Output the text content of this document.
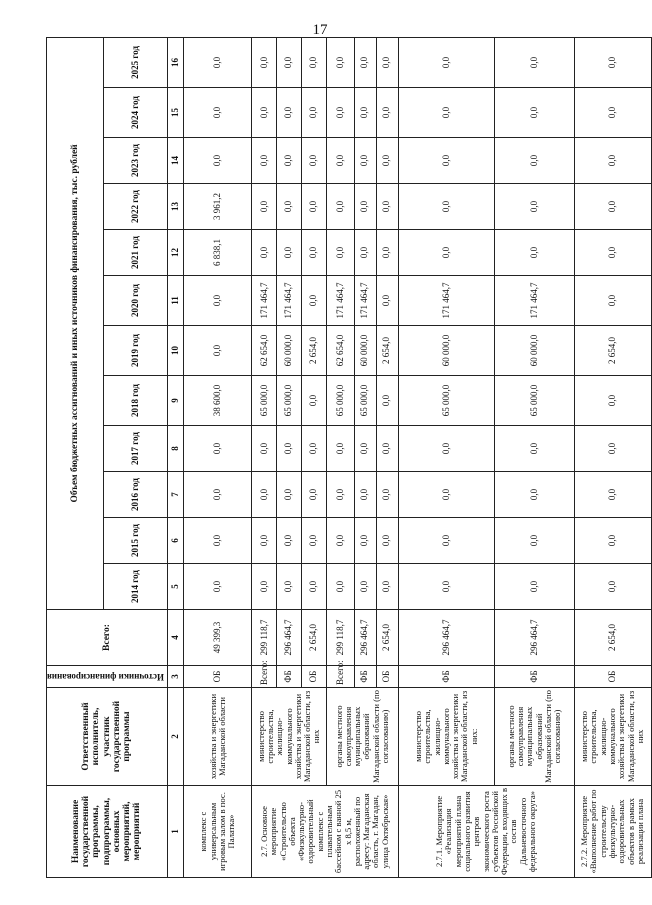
17
Наименование государственной программы, подпрограммы, основных мероприятий, мероприятий	Ответственный исполнитель, участник государственной программы	Источники финансирования	Всего:	Объем бюджетных ассигнований и иных источников финансирования, тыс. рублей											
				2014 год	2015 год	2016 год	2017 год	2018 год	2019 год	2020 год	2021 год	2022 год	2023 год	2024 год	2025 год
1	2	3	4	5	6	7	8	9	10	11	12	13	14	15	16
комплекс с универсальным игровым залом в пос. Палатка»	хозяйства и энергетики Магаданской области	ОБ	49 399,3	0,0	0,0	0,0	0,0	38 600,0	0,0	0,0	6 838,1	3 961,2	0,0	0,0	0,0
2.7. Основное мероприятие «Строительство объекта «Физкультурно-оздоровительный комплекс с плавательным бассейном с ванной 25 х 8,5 м, расположенный по адресу: Магаданская область, г. Магадан, улица Октябрьская»	министерство строительства, жилищно-коммунального хозяйства и энергетики Магаданской области, из них	Всего:	299 118,7	0,0	0,0	0,0	0,0	65 000,0	62 654,0	171 464,7	0,0	0,0	0,0	0,0	0,0
		ФБ	296 464,7	0,0	0,0	0,0	0,0	65 000,0	60 000,0	171 464,7	0,0	0,0	0,0	0,0	0,0
		ОБ	2 654,0	0,0	0,0	0,0	0,0	0,0	2 654,0	0,0	0,0	0,0	0,0	0,0	0,0
	органы местного самоуправления муниципальных образований Магаданской области (по согласованию)	Всего:	299 118,7	0,0	0,0	0,0	0,0	65 000,0	62 654,0	171 464,7	0,0	0,0	0,0	0,0	0,0
		ФБ	296 464,7	0,0	0,0	0,0	0,0	65 000,0	60 000,0	171 464,7	0,0	0,0	0,0	0,0	0,0
		ОБ	2 654,0	0,0	0,0	0,0	0,0	0,0	2 654,0	0,0	0,0	0,0	0,0	0,0	0,0
2.7.1. Мероприятие «Реализация мероприятий плана социального развития центров экономического роста субъектов Российской Федерации, входящих в состав Дальневосточного федерального округа»	министерство строительства, жилищно-коммунального хозяйства и энергетики Магаданской области, из них:	ФБ	296 464,7	0,0	0,0	0,0	0,0	65 000,0	60 000,0	171 464,7	0,0	0,0	0,0	0,0	0,0
	органы местного самоуправления муниципальных образований Магаданской области (по согласованию)	ФБ	296 464,7	0,0	0,0	0,0	0,0	65 000,0	60 000,0	171 464,7	0,0	0,0	0,0	0,0	0,0
2.7.2. Мероприятие «Выполнение работ по строительству физкультурно-оздоровительных объектов в рамках реализации плана	министерство строительства, жилищно-коммунального хозяйства и энергетики Магаданской области, из них	ОБ	2 654,0	0,0	0,0	0,0	0,0	0,0	2 654,0	0,0	0,0	0,0	0,0	0,0	0,0
